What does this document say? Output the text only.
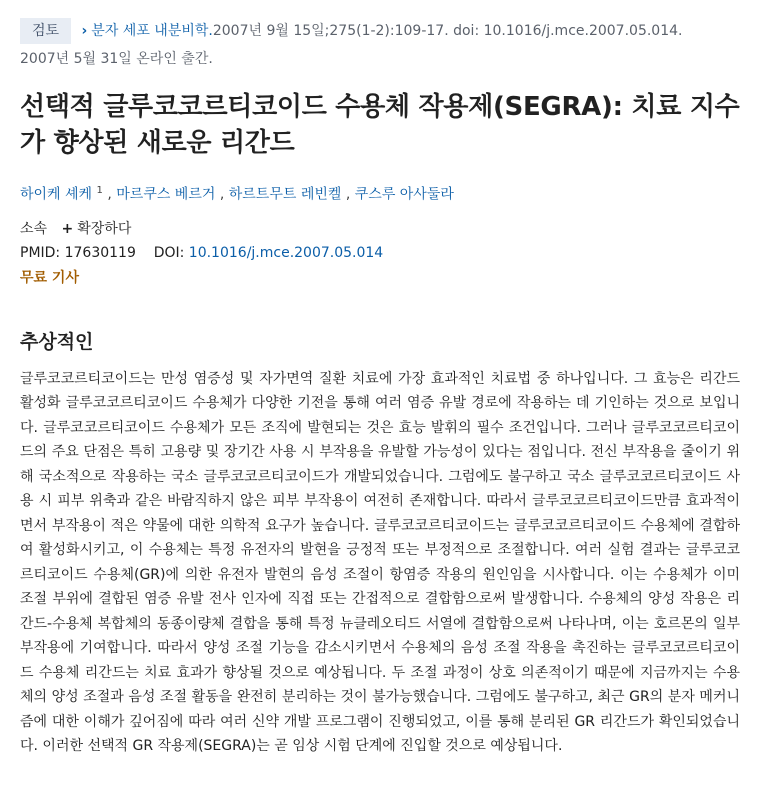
검토 › 분자 세포 내분비학.2007년 9월 15일;275(1-2):109-17. doi: 10.1016/j.mce.2007.05.014.
2007년 5월 31일 온라인 출간.
선택적 글루코코르티코이드 수용체 작용제(SEGRA): 치료 지수가 향상된 새로운 리간드
하이케 셰케 $^1$ , 마르쿠스 베르거 , 하르트무트 레빈켈 , 쿠스루 아사둘라
소속 + 확장하다
PMID: 17630119 DOI: 10.1016/j.mce.2007.05.014
무료 기사
추상적인
글루코코르티코이드는 만성 염증성 및 자가면역 질환 치료에 가장 효과적인 치료법 중 하나입니다. 그 효능은 리간드 활성화 글루코코르티코이드 수용체가 다양한 기전을 통해 여러 염증 유발 경로에 작용하는 데 기인하는 것으로 보입니다. 글루코코르티코이드 수용체가 모든 조직에 발현되는 것은 효능 발휘의 필수 조건입니다. 그러나 글루코코르티코이드의 주요 단점은 특히 고용량 및 장기간 사용 시 부작용을 유발할 가능성이 있다는 점입니다. 전신 부작용을 줄이기 위해 국소적으로 작용하는 국소 글루코코르티코이드가 개발되었습니다. 그럼에도 불구하고 국소 글루코코르티코이드 사용 시 피부 위축과 같은 바람직하지 않은 피부 부작용이 여전히 존재합니다. 따라서 글루코코르티코이드만큼 효과적이면서 부작용이 적은 약물에 대한 의학적 요구가 높습니다. 글루코코르티코이드는 글루코코르티코이드 수용체에 결합하여 활성화시키고, 이 수용체는 특정 유전자의 발현을 긍정적 또는 부정적으로 조절합니다. 여러 실험 결과는 글루코코르티코이드 수용체(GR)에 의한 유전자 발현의 음성 조절이 항염증 작용의 원인임을 시사합니다. 이는 수용체가 이미 조절 부위에 결합된 염증 유발 전사 인자에 직접 또는 간접적으로 결합함으로써 발생합니다. 수용체의 양성 작용은 리간드-수용체 복합체의 동종이량체 결합을 통해 특정 뉴클레오티드 서열에 결합함으로써 나타나며, 이는 호르몬의 일부 부작용에 기여합니다. 따라서 양성 조절 기능을 감소시키면서 수용체의 음성 조절 작용을 촉진하는 글루코코르티코이드 수용체 리간드는 치료 효과가 향상될 것으로 예상됩니다. 두 조절 과정이 상호 의존적이기 때문에 지금까지는 수용체의 양성 조절과 음성 조절 활동을 완전히 분리하는 것이 불가능했습니다. 그럼에도 불구하고, 최근 GR의 분자 메커니즘에 대한 이해가 깊어짐에 따라 여러 신약 개발 프로그램이 진행되었고, 이를 통해 분리된 GR 리간드가 확인되었습니다. 이러한 선택적 GR 작용제(SEGRA)는 곧 임상 시험 단계에 진입할 것으로 예상됩니다.
